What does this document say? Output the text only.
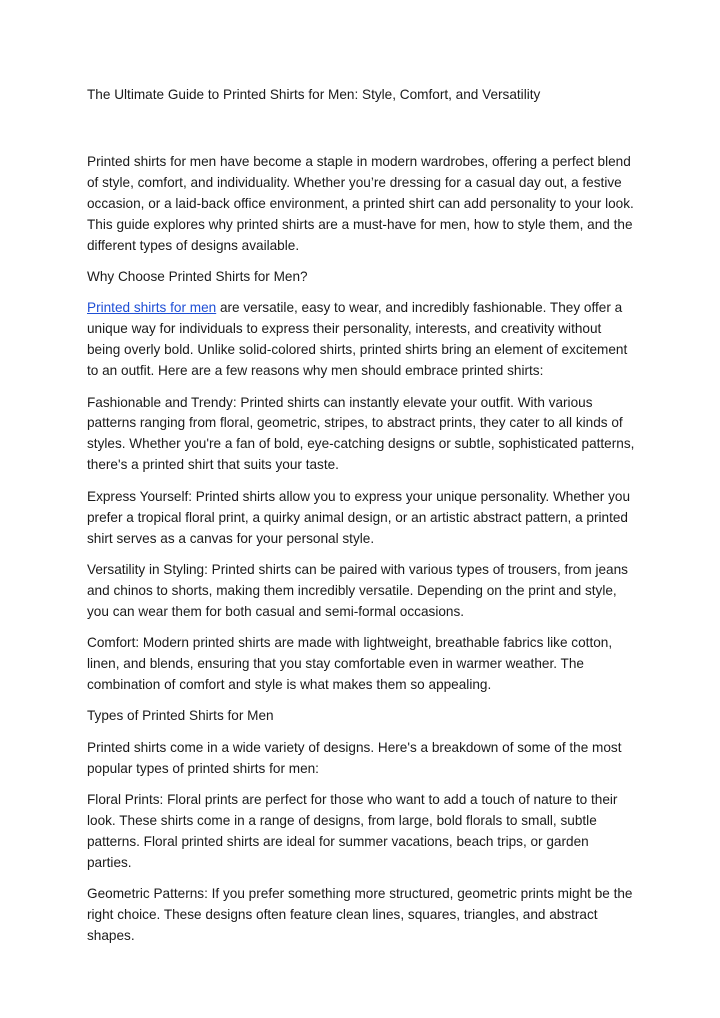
The Ultimate Guide to Printed Shirts for Men: Style, Comfort, and Versatility

Printed shirts for men have become a staple in modern wardrobes, offering a perfect blend of style, comfort, and individuality. Whether you’re dressing for a casual day out, a festive occasion, or a laid-back office environment, a printed shirt can add personality to your look. This guide explores why printed shirts are a must-have for men, how to style them, and the different types of designs available.

Why Choose Printed Shirts for Men?

Printed shirts for men are versatile, easy to wear, and incredibly fashionable. They offer a unique way for individuals to express their personality, interests, and creativity without being overly bold. Unlike solid-colored shirts, printed shirts bring an element of excitement to an outfit. Here are a few reasons why men should embrace printed shirts:

Fashionable and Trendy: Printed shirts can instantly elevate your outfit. With various patterns ranging from floral, geometric, stripes, to abstract prints, they cater to all kinds of styles. Whether you're a fan of bold, eye-catching designs or subtle, sophisticated patterns, there's a printed shirt that suits your taste.

Express Yourself: Printed shirts allow you to express your unique personality. Whether you prefer a tropical floral print, a quirky animal design, or an artistic abstract pattern, a printed shirt serves as a canvas for your personal style.

Versatility in Styling: Printed shirts can be paired with various types of trousers, from jeans and chinos to shorts, making them incredibly versatile. Depending on the print and style, you can wear them for both casual and semi-formal occasions.

Comfort: Modern printed shirts are made with lightweight, breathable fabrics like cotton, linen, and blends, ensuring that you stay comfortable even in warmer weather. The combination of comfort and style is what makes them so appealing.

Types of Printed Shirts for Men

Printed shirts come in a wide variety of designs. Here's a breakdown of some of the most popular types of printed shirts for men:

Floral Prints: Floral prints are perfect for those who want to add a touch of nature to their look. These shirts come in a range of designs, from large, bold florals to small, subtle patterns. Floral printed shirts are ideal for summer vacations, beach trips, or garden parties.

Geometric Patterns: If you prefer something more structured, geometric prints might be the right choice. These designs often feature clean lines, squares, triangles, and abstract shapes.
